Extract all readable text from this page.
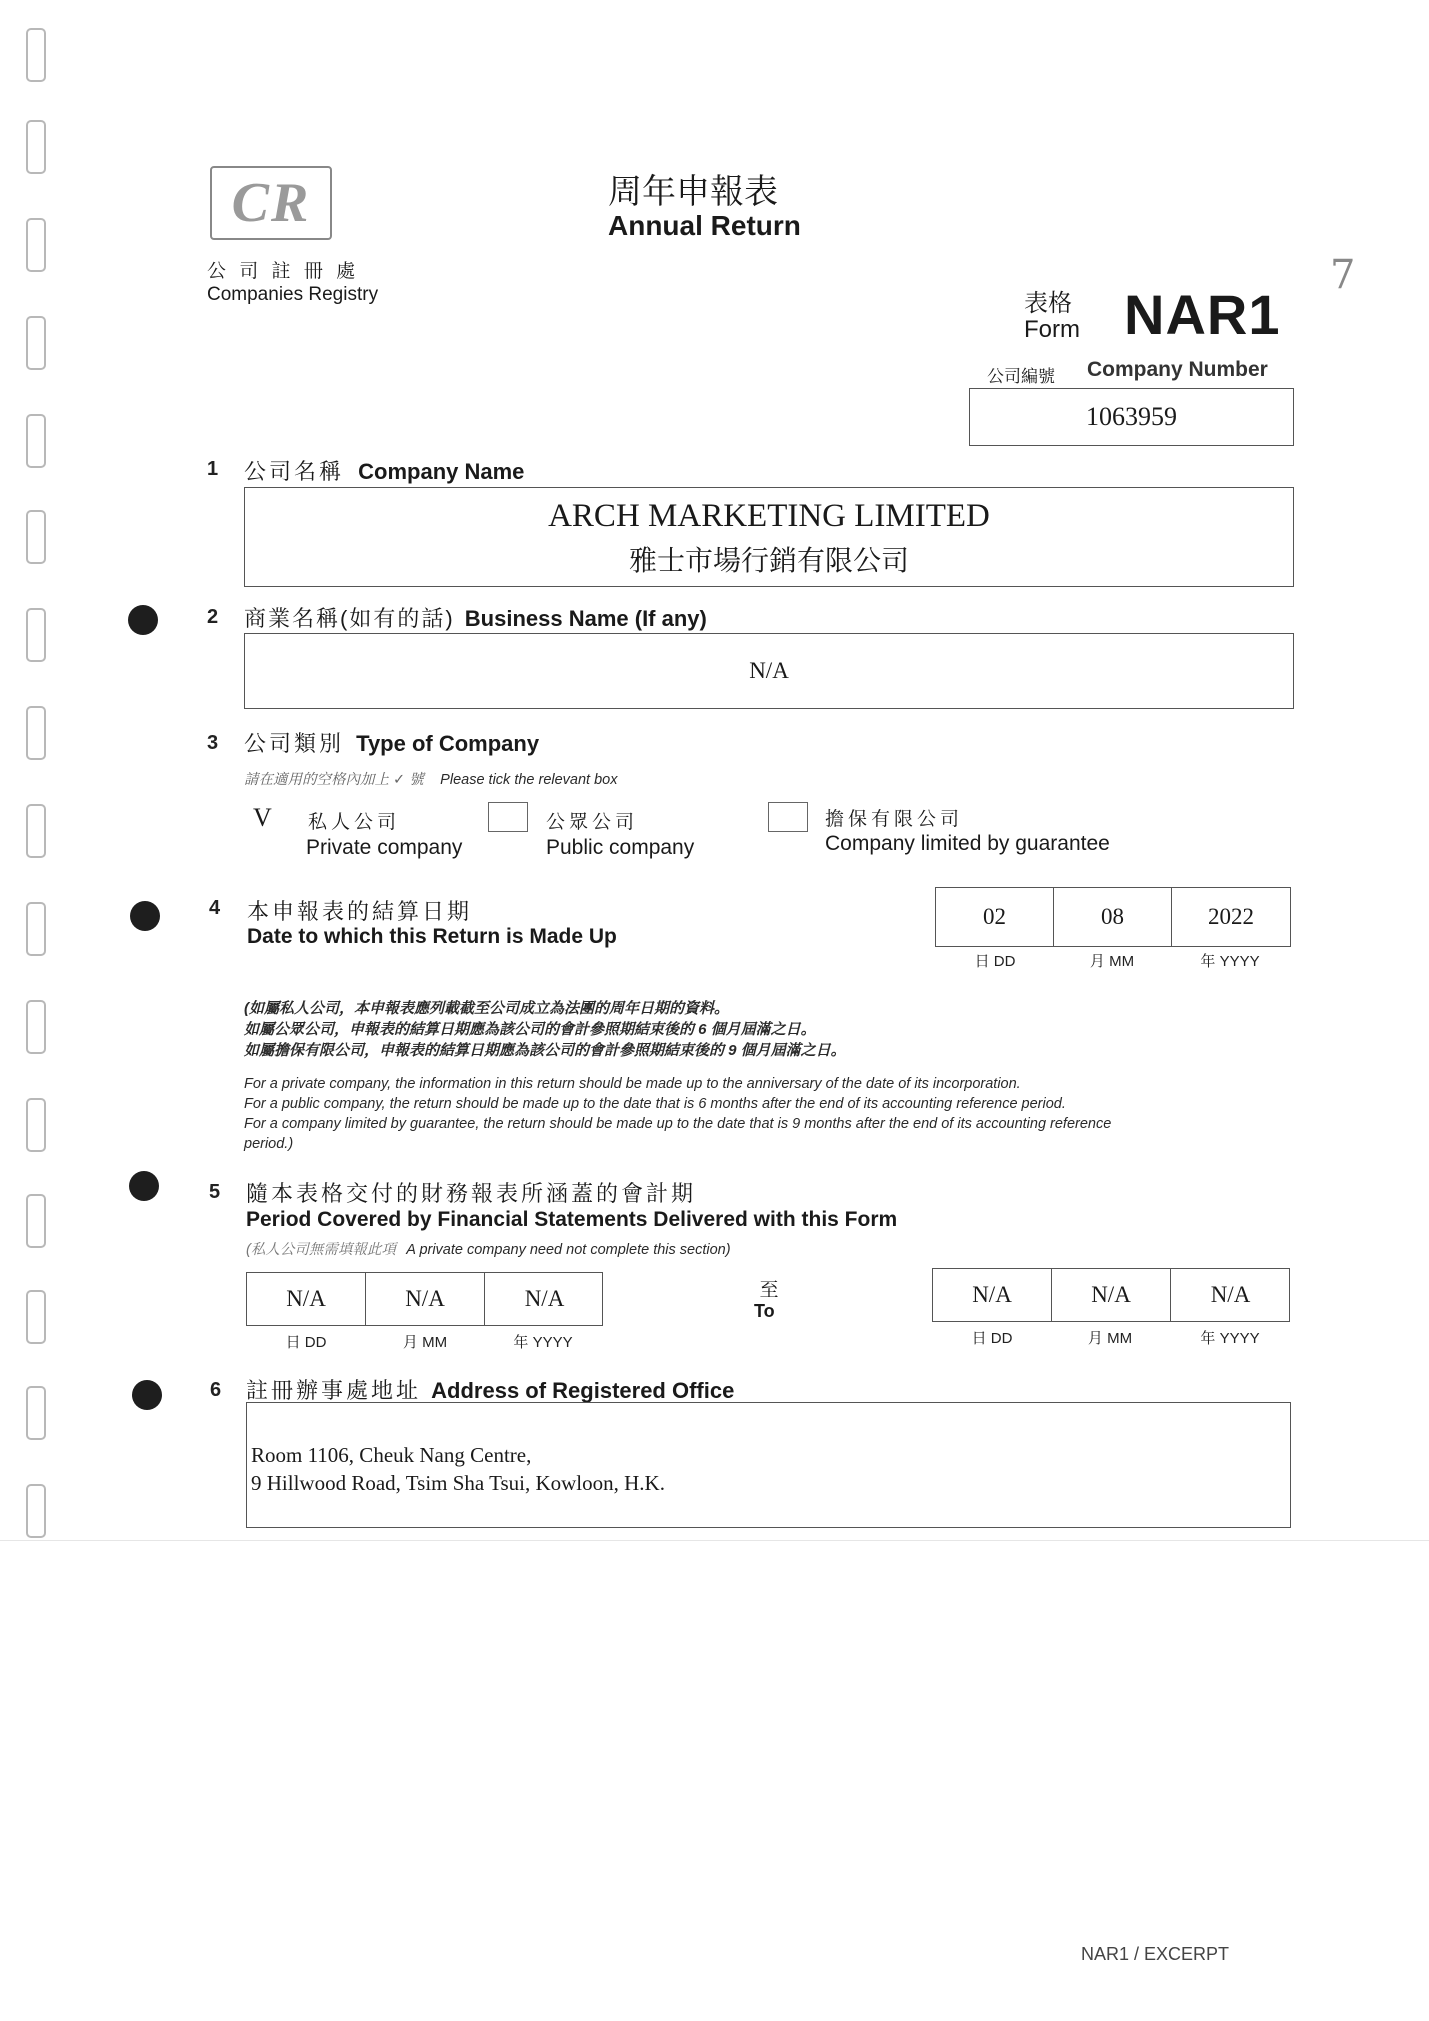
CR
公 司 註 冊 處
Companies Registry
周年申報表
Annual Return
表格
Form NAR1
7
公司編號 Company Number
1063959
1 公司名稱 Company Name
ARCH MARKETING LIMITED
雅士市場行銷有限公司
2 商業名稱(如有的話) Business Name (If any)
N/A
3 公司類別 Type of Company
請在適用的空格內加上 ✓ 號 Please tick the relevant box
V 私人公司
Private company
公眾公司
Public company
擔保有限公司
Company limited by guarantee
4 本申報表的結算日期
Date to which this Return is Made Up
02	08	2022
日 DD	月 MM	年 YYYY
(如屬私人公司，本申報表應列載截至公司成立為法團的周年日期的資料。
如屬公眾公司，申報表的結算日期應為該公司的會計參照期結束後的 6 個月屆滿之日。
如屬擔保有限公司，申報表的結算日期應為該公司的會計參照期結束後的 9 個月屆滿之日。
For a private company, the information in this return should be made up to the anniversary of the date of its incorporation.
For a public company, the return should be made up to the date that is 6 months after the end of its accounting reference period.
For a company limited by guarantee, the return should be made up to the date that is 9 months after the end of its accounting reference
period.)
5 隨本表格交付的財務報表所涵蓋的會計期
Period Covered by Financial Statements Delivered with this Form
(私人公司無需填報此項 A private company need not complete this section)
N/A	N/A	N/A
日 DD	月 MM	年 YYYY
至
To
N/A	N/A	N/A
日 DD	月 MM	年 YYYY
6 註冊辦事處地址 Address of Registered Office
Room 1106, Cheuk Nang Centre,
9 Hillwood Road, Tsim Sha Tsui, Kowloon, H.K.
NAR1 / EXCERPT
